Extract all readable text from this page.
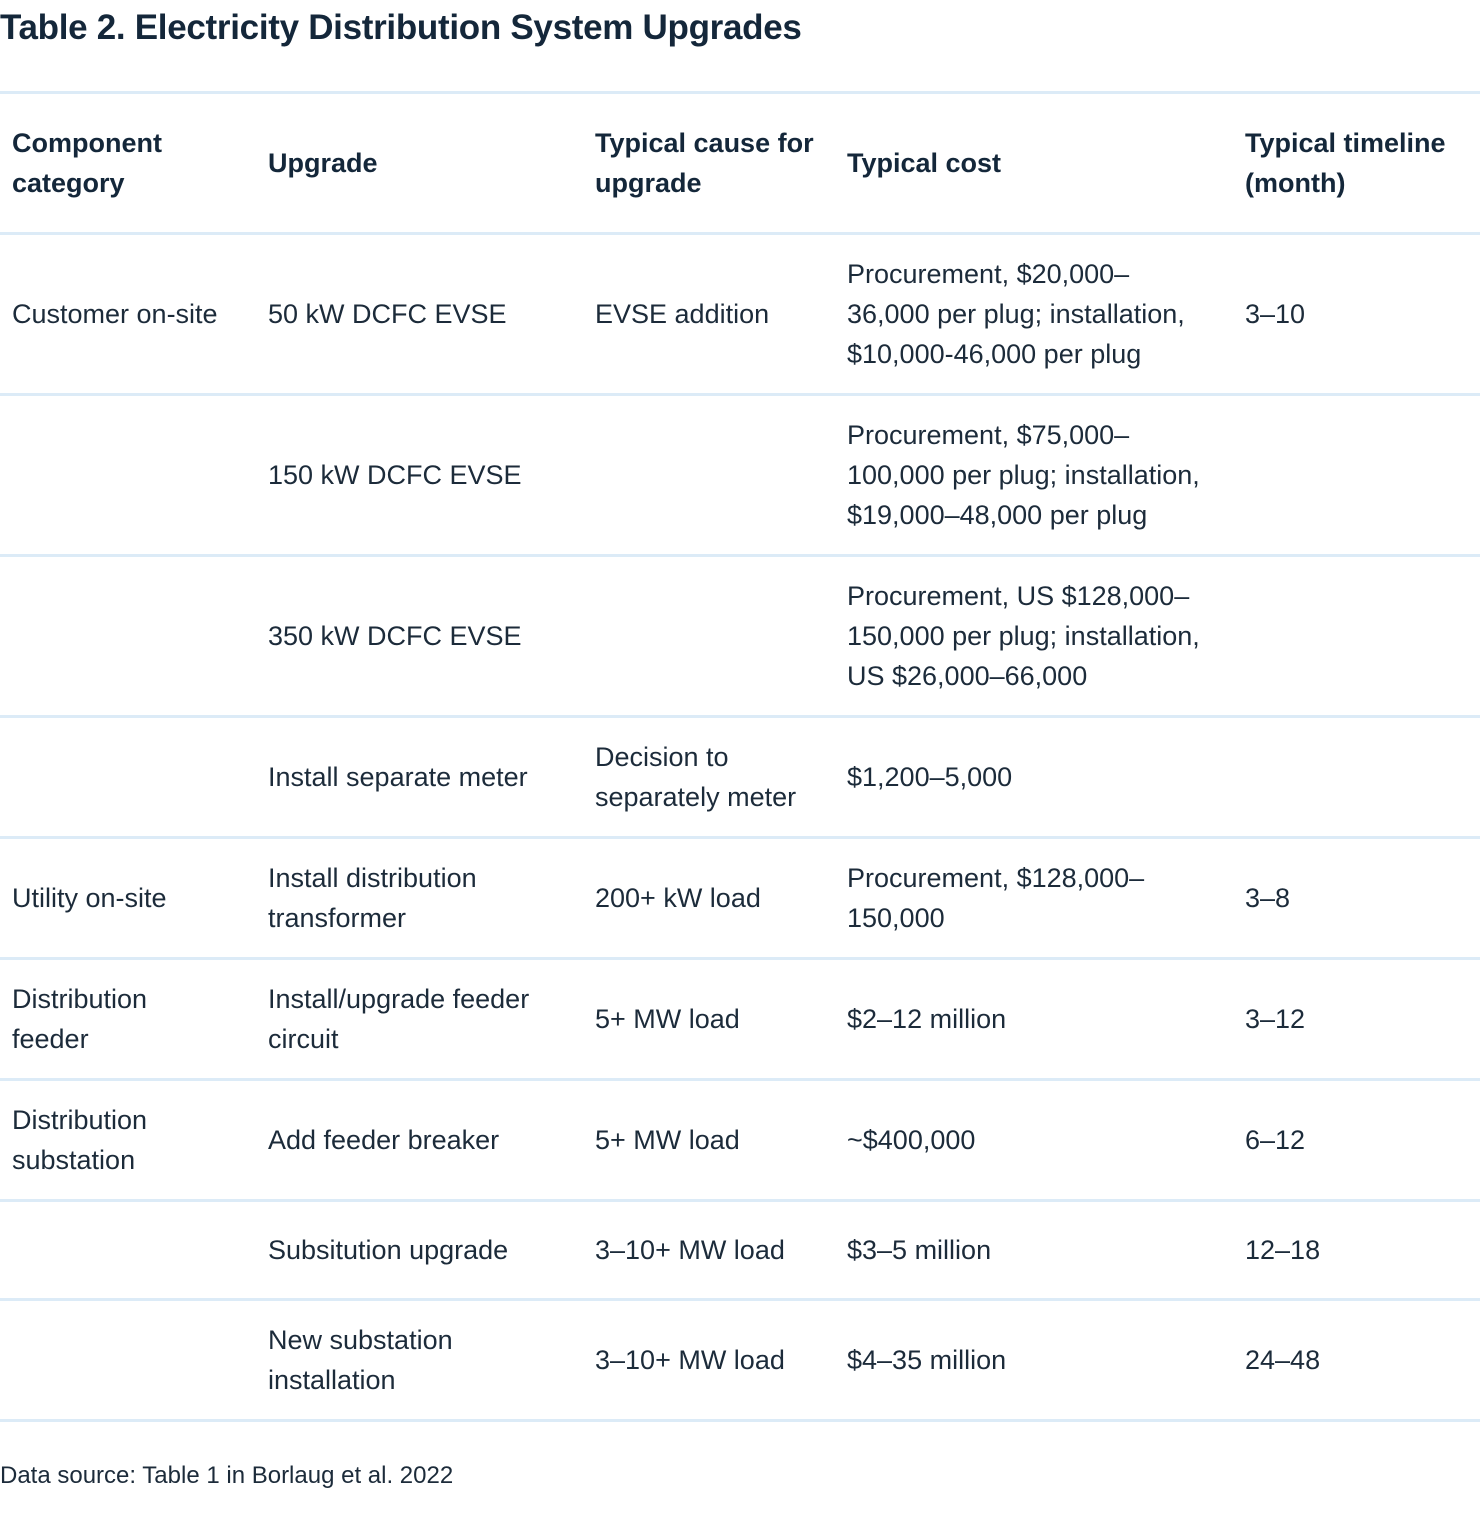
Table 2. Electricity Distribution System Upgrades
Component
category	Upgrade	Typical cause for
upgrade	Typical cost	Typical timeline
(month)
Customer on-site	50 kW DCFC EVSE	EVSE addition	Procurement, $20,000–
36,000 per plug; installation,
$10,000-46,000 per plug	3–10
	150 kW DCFC EVSE		Procurement, $75,000–
100,000 per plug; installation,
$19,000–48,000 per plug	
	350 kW DCFC EVSE		Procurement, US $128,000–
150,000 per plug; installation,
US $26,000–66,000	
	Install separate meter	Decision to
separately meter	$1,200–5,000	
Utility on-site	Install distribution
transformer	200+ kW load	Procurement, $128,000–
150,000	3–8
Distribution
feeder	Install/upgrade feeder
circuit	5+ MW load	$2–12 million	3–12
Distribution
substation	Add feeder breaker	5+ MW load	~$400,000	6–12
	Subsitution upgrade	3–10+ MW load	$3–5 million	12–18
	New substation
installation	3–10+ MW load	$4–35 million	24–48
Data source: Table 1 in Borlaug et al. 2022
